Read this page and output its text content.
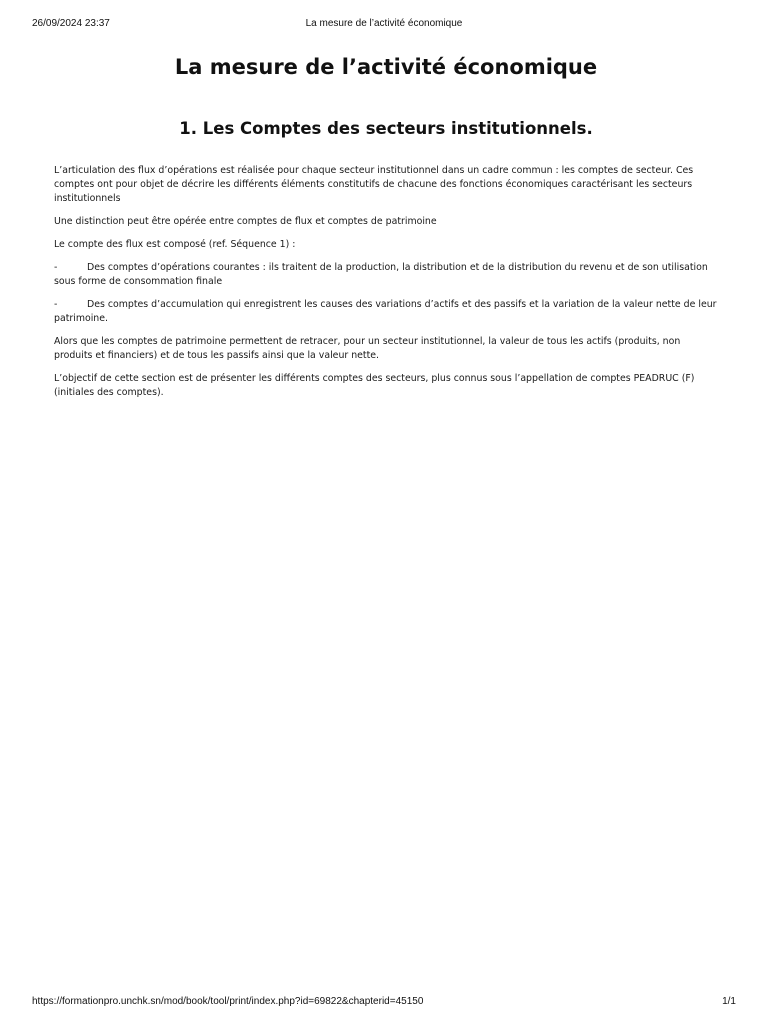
26/09/2024 23:37	La mesure de l’activité économique
La mesure de l’activité économique
1. Les Comptes des secteurs institutionnels.

L’articulation des flux d’opérations est réalisée pour chaque secteur institutionnel dans un cadre commun : les comptes de secteur. Ces comptes ont pour objet de décrire les différents éléments constitutifs de chacune des fonctions économiques caractérisant les secteurs institutionnels

Une distinction peut être opérée entre comptes de flux et comptes de patrimoine

Le compte des flux est composé (ref. Séquence 1) :

-	Des comptes d’opérations courantes : ils traitent de la production, la distribution et de la distribution du revenu et de son utilisation sous forme de consommation finale
-	Des comptes d’accumulation qui enregistrent les causes des variations d’actifs et des passifs et la variation de la valeur nette de leur patrimoine.

Alors que les comptes de patrimoine permettent de retracer, pour un secteur institutionnel, la valeur de tous les actifs (produits, non produits et financiers) et de tous les passifs ainsi que la valeur nette.

L’objectif de cette section est de présenter les différents comptes des secteurs, plus connus sous l’appellation de comptes PEADRUC (F) (initiales des comptes).

https://formationpro.unchk.sn/mod/book/tool/print/index.php?id=69822&chapterid=45150	1/1
